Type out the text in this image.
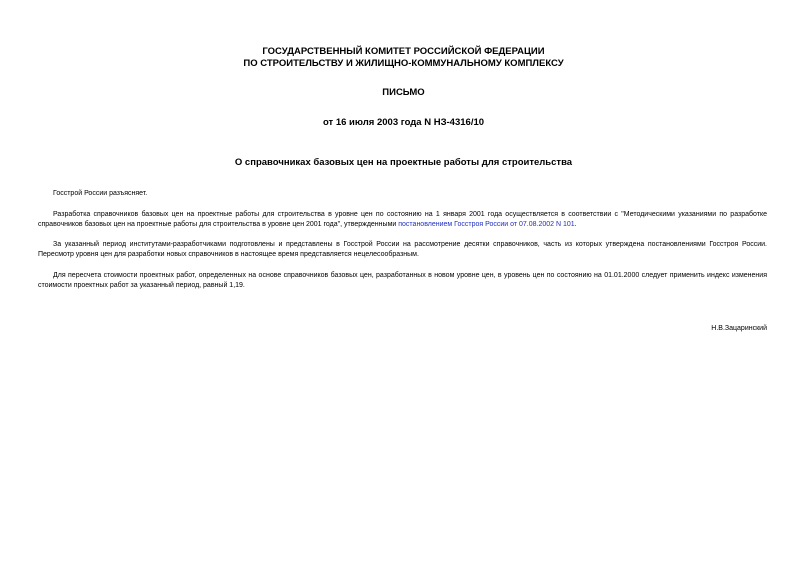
ГОСУДАРСТВЕННЫЙ КОМИТЕТ РОССИЙСКОЙ ФЕДЕРАЦИИ
ПО СТРОИТЕЛЬСТВУ И ЖИЛИЩНО-КОММУНАЛЬНОМУ КОМПЛЕКСУ
ПИСЬМО
от 16 июля 2003 года N НЗ-4316/10
О справочниках базовых цен на проектные работы для строительства
Госстрой России разъясняет.
Разработка справочников базовых цен на проектные работы для строительства в уровне цен по состоянию на 1 января 2001 года осуществляется в соответствии с "Методическими указаниями по разработке справочников базовых цен на проектные работы для строительства в уровне цен 2001 года", утвержденными постановлением Госстроя России от 07.08.2002 N 101.
За указанный период институтами-разработчиками подготовлены и представлены в Госстрой России на рассмотрение десятки справочников, часть из которых утверждена постановлениями Госстроя России. Пересмотр уровня цен для разработки новых справочников в настоящее время представляется нецелесообразным.
Для пересчета стоимости проектных работ, определенных на основе справочников базовых цен, разработанных в новом уровне цен, в уровень цен по состоянию на 01.01.2000 следует применить индекс изменения стоимости проектных работ за указанный период, равный 1,19.
Н.В.Зацаринский
